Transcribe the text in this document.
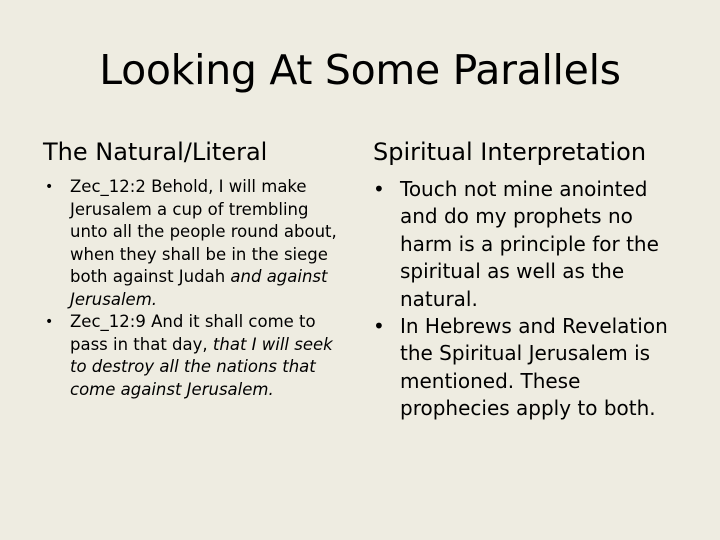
Looking At Some Parallels
The Natural/Literal	Spiritual Interpretation

• Zec_12:2 Behold, I will make Jerusalem a cup of trembling unto all the people round about, when they shall be in the siege both against Judah and against Jerusalem.

• Zec_12:9 And it shall come to pass in that day, that I will seek to destroy all the nations that come against Jerusalem.

• Touch not mine anointed and do my prophets no harm is a principle for the spiritual as well as the natural.

• In Hebrews and Revelation the Spiritual Jerusalem is mentioned. These prophecies apply to both.
